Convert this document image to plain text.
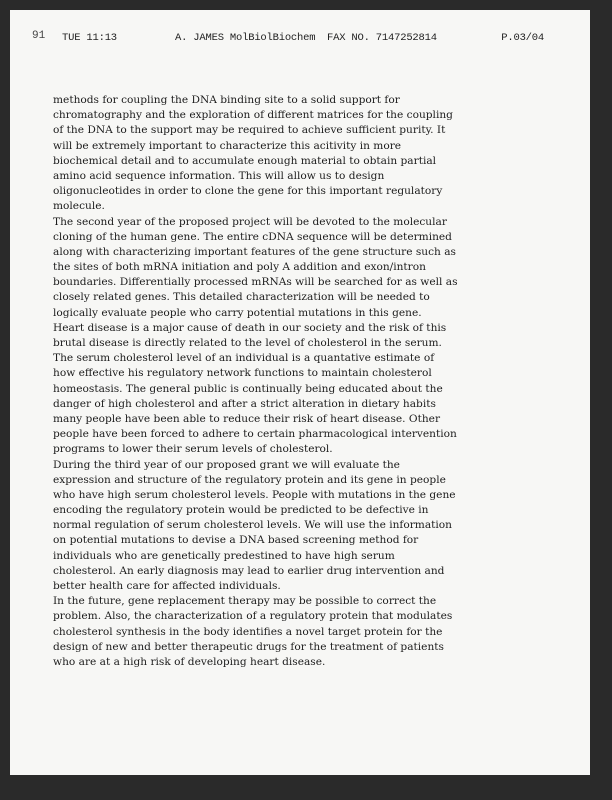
91 TUE 11:13	A. JAMES MolBiolBiochem FAX NO. 7147252814	P.03/04
methods for coupling the DNA binding site to a solid support for
chromatography and the exploration of different matrices for the coupling
of the DNA to the support may be required to achieve sufficient purity. It
will be extremely important to characterize this acitivity in more
biochemical detail and to accumulate enough material to obtain partial
amino acid sequence information. This will allow us to design
oligonucleotides in order to clone the gene for this important regulatory
molecule.
The second year of the proposed project will be devoted to the molecular
cloning of the human gene. The entire cDNA sequence will be determined
along with characterizing important features of the gene structure such as
the sites of both mRNA initiation and poly A addition and exon/intron
boundaries. Differentially processed mRNAs will be searched for as well as
closely related genes. This detailed characterization will be needed to
logically evaluate people who carry potential mutations in this gene.
Heart disease is a major cause of death in our society and the risk of this
brutal disease is directly related to the level of cholesterol in the serum.
The serum cholesterol level of an individual is a quantative estimate of
how effective his regulatory network functions to maintain cholesterol
homeostasis. The general public is continually being educated about the
danger of high cholesterol and after a strict alteration in dietary habits
many people have been able to reduce their risk of heart disease. Other
people have been forced to adhere to certain pharmacological intervention
programs to lower their serum levels of cholesterol.
During the third year of our proposed grant we will evaluate the
expression and structure of the regulatory protein and its gene in people
who have high serum cholesterol levels. People with mutations in the gene
encoding the regulatory protein would be predicted to be defective in
normal regulation of serum cholesterol levels. We will use the information
on potential mutations to devise a DNA based screening method for
individuals who are genetically predestined to have high serum
cholesterol. An early diagnosis may lead to earlier drug intervention and
better health care for affected individuals.
In the future, gene replacement therapy may be possible to correct the
problem. Also, the characterization of a regulatory protein that modulates
cholesterol synthesis in the body identifies a novel target protein for the
design of new and better therapeutic drugs for the treatment of patients
who are at a high risk of developing heart disease.
